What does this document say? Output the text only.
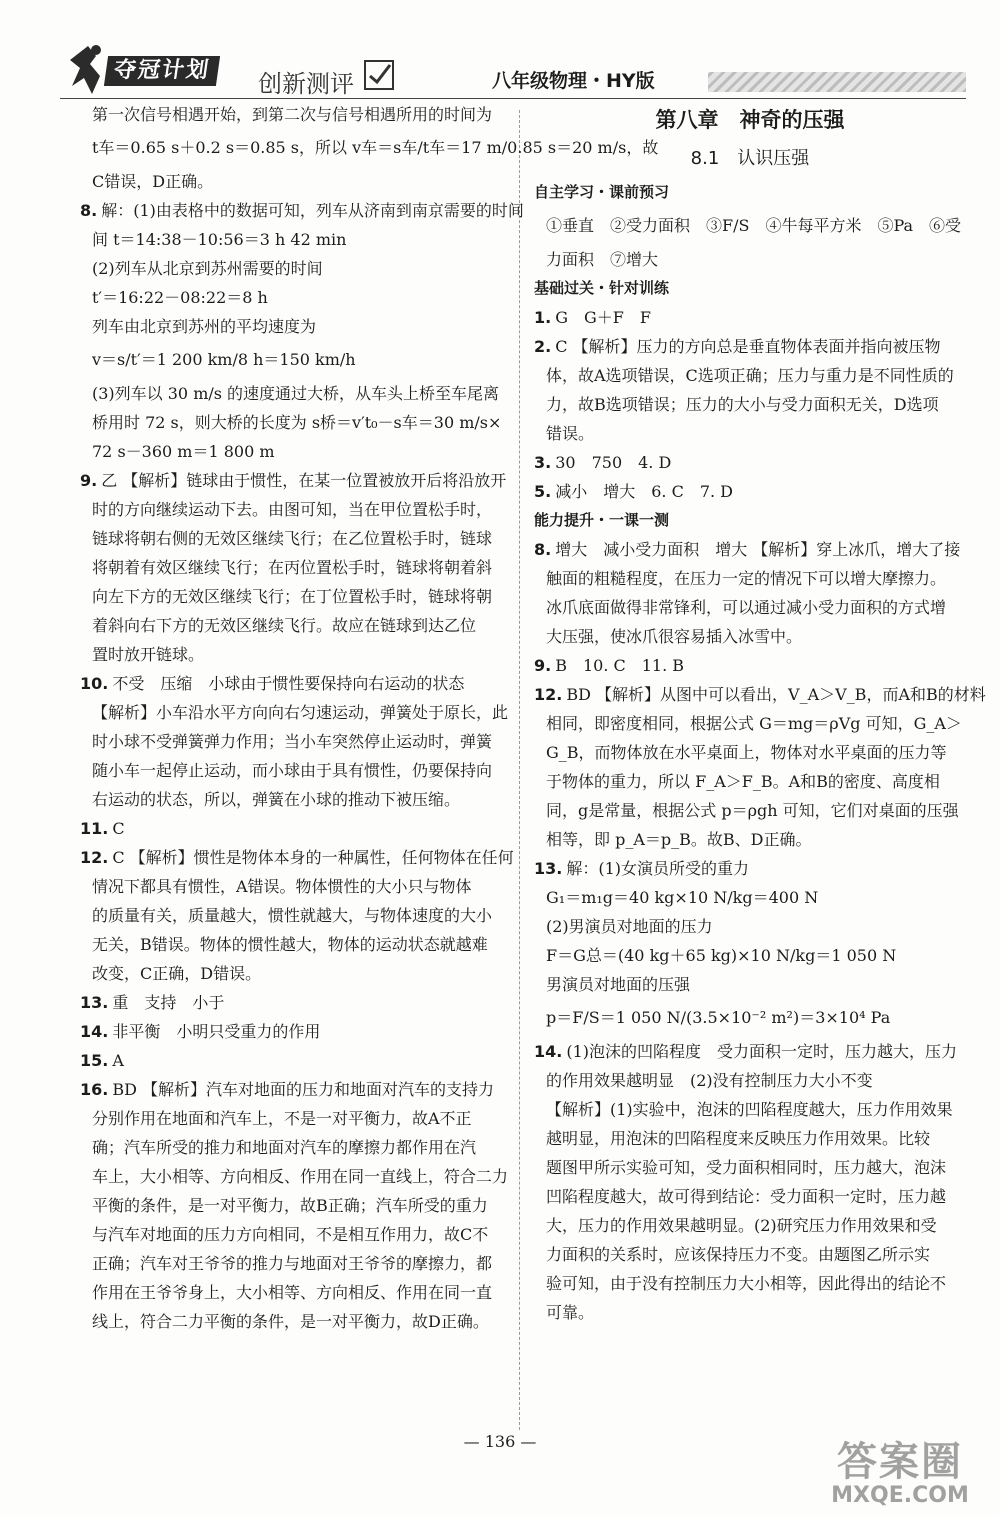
夺冠计划	创新测评	八年级物理・HY版
第一次信号相遇开始，到第二次与信号相遇所用的时间为
t车＝0.65 s＋0.2 s＝0.85 s，所以 v车＝s车/t车＝17 m/0.85 s＝20 m/s，故
C错误，D正确。
8. 解：(1)由表格中的数据可知，列车从济南到南京需要的时间
间 t＝14:38－10:56＝3 h 42 min
(2)列车从北京到苏州需要的时间
t′＝16:22－08:22＝8 h
列车由北京到苏州的平均速度为
v＝s/t′＝1 200 km/8 h＝150 km/h
(3)列车以 30 m/s 的速度通过大桥，从车头上桥至车尾离
桥用时 72 s，则大桥的长度为 s桥＝v′t₀－s车＝30 m/s×
72 s－360 m＝1 800 m
9. 乙 【解析】链球由于惯性，在某一位置被放开后将沿放开
时的方向继续运动下去。由图可知，当在甲位置松手时，
链球将朝右侧的无效区继续飞行；在乙位置松手时，链球
将朝着有效区继续飞行；在丙位置松手时，链球将朝着斜
向左下方的无效区继续飞行；在丁位置松手时，链球将朝
着斜向右下方的无效区继续飞行。故应在链球到达乙位
置时放开链球。
10. 不受　压缩　小球由于惯性要保持向右运动的状态
【解析】小车沿水平方向向右匀速运动，弹簧处于原长，此
时小球不受弹簧弹力作用；当小车突然停止运动时，弹簧
随小车一起停止运动，而小球由于具有惯性，仍要保持向
右运动的状态，所以，弹簧在小球的推动下被压缩。
11. C
12. C 【解析】惯性是物体本身的一种属性，任何物体在任何
情况下都具有惯性，A错误。物体惯性的大小只与物体
的质量有关，质量越大，惯性就越大，与物体速度的大小
无关，B错误。物体的惯性越大，物体的运动状态就越难
改变，C正确，D错误。
13. 重　支持　小于
14. 非平衡　小明只受重力的作用
15. A
16. BD 【解析】汽车对地面的压力和地面对汽车的支持力
分别作用在地面和汽车上，不是一对平衡力，故A不正
确；汽车所受的推力和地面对汽车的摩擦力都作用在汽
车上，大小相等、方向相反、作用在同一直线上，符合二力
平衡的条件，是一对平衡力，故B正确；汽车所受的重力
与汽车对地面的压力方向相同，不是相互作用力，故C不
正确；汽车对王爷爷的推力与地面对王爷爷的摩擦力，都
作用在王爷爷身上，大小相等、方向相反、作用在同一直
线上，符合二力平衡的条件，是一对平衡力，故D正确。
第八章　神奇的压强
8.1　认识压强
自主学习・课前预习
①垂直　②受力面积　③F/S　④牛每平方米　⑤Pa　⑥受
力面积　⑦增大
基础过关・针对训练
1. G　G＋F　F
2. C 【解析】压力的方向总是垂直物体表面并指向被压物
体，故A选项错误，C选项正确；压力与重力是不同性质的
力，故B选项错误；压力的大小与受力面积无关，D选项
错误。
3. 30　750　4. D
5. 减小　增大　6. C　7. D
能力提升・一课一测
8. 增大　减小受力面积　增大 【解析】穿上冰爪，增大了接
触面的粗糙程度，在压力一定的情况下可以增大摩擦力。
冰爪底面做得非常锋利，可以通过减小受力面积的方式增
大压强，使冰爪很容易插入冰雪中。
9. B　10. C　11. B
12. BD 【解析】从图中可以看出，V_A＞V_B，而A和B的材料
相同，即密度相同，根据公式 G＝mg＝ρVg 可知，G_A＞
G_B，而物体放在水平桌面上，物体对水平桌面的压力等
于物体的重力，所以 F_A＞F_B。A和B的密度、高度相
同，g是常量，根据公式 p＝ρgh 可知，它们对桌面的压强
相等，即 p_A＝p_B。故B、D正确。
13. 解：(1)女演员所受的重力
G₁＝m₁g＝40 kg×10 N/kg＝400 N
(2)男演员对地面的压力
F＝G总＝(40 kg＋65 kg)×10 N/kg＝1 050 N
男演员对地面的压强
p＝F/S＝1 050 N/(3.5×10⁻² m²)＝3×10⁴ Pa
14. (1)泡沫的凹陷程度　受力面积一定时，压力越大，压力
的作用效果越明显　(2)没有控制压力大小不变
【解析】(1)实验中，泡沫的凹陷程度越大，压力作用效果
越明显，用泡沫的凹陷程度来反映压力作用效果。比较
题图甲所示实验可知，受力面积相同时，压力越大，泡沫
凹陷程度越大，故可得到结论：受力面积一定时，压力越
大，压力的作用效果越明显。(2)研究压力作用效果和受
力面积的关系时，应该保持压力不变。由题图乙所示实
验可知，由于没有控制压力大小相等，因此得出的结论不
可靠。
— 136 —	答案圈
MXQE.COM
